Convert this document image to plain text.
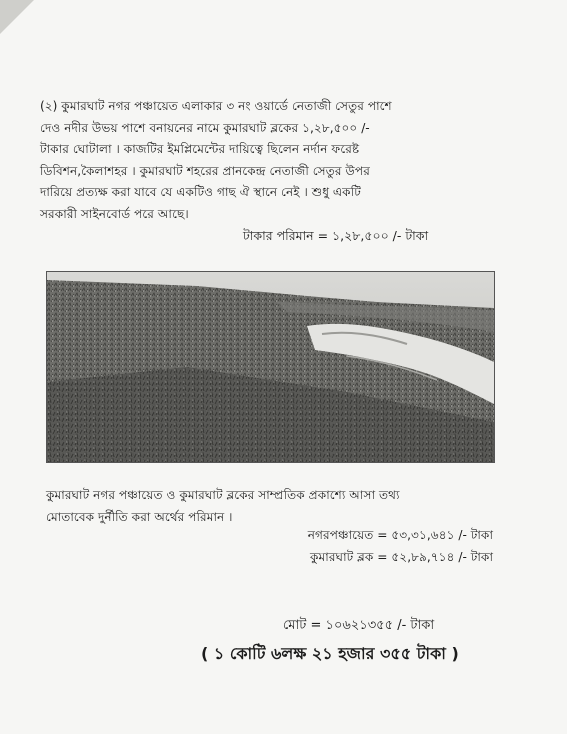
(২) কুমারঘাট নগর পঞ্চায়েত এলাকার ৩ নং ওয়ার্ডে নেতাজী সেতুর পাশে
দেও নদীর উভয় পাশে বনায়নের নামে কুমারঘাট ব্লকের ১,২৮,৫০০ /-
টাকার ঘোটালা । কাজটির ইমপ্লিমেন্টের দায়িত্বে ছিলেন নর্দান ফরেষ্ট
ডিবিশন,কৈলাশহর । কুমারঘাট শহরের প্রানকেন্দ্র নেতাজী সেতুর উপর
দারিয়ে প্রত্যক্ষ করা যাবে যে একটিও গাছ ঐ স্থানে নেই । শুধু একটি
সরকারী সাইনবোর্ড পরে আছে।
টাকার পরিমান = ১,২৮,৫০০ /- টাকা
কুমারঘাট নগর পঞ্চায়েত ও কুমারঘাট ব্লকের সাম্প্রতিক প্রকাশ্যে আসা তথ্য
মোতাবেক দুর্নীতি করা অর্থের পরিমান ।
নগরপঞ্চায়েত = ৫৩,৩১,৬৪১ /- টাকা
কুমারঘাট ব্লক = ৫২,৮৯,৭১৪ /- টাকা
মোট = ১০৬২১৩৫৫ /- টাকা
( ১ কোটি ৬লক্ষ ২১ হজার ৩৫৫ টাকা )
